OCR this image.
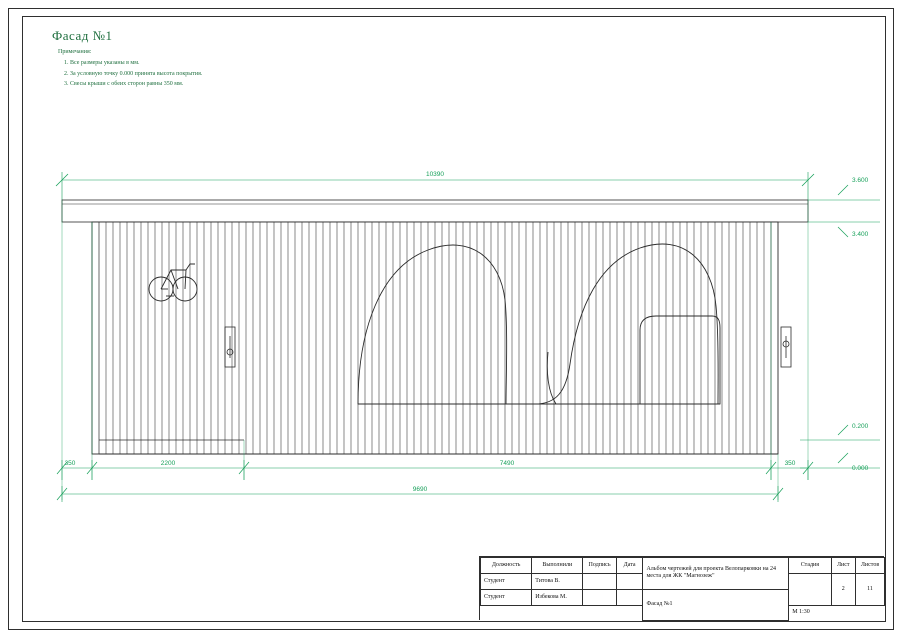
Фасад №1
Примечания:
1. Все размеры указаны в мм.
2. За условную точку 0.000 принята высота покрытия.
3. Свесы крыши с обеих сторон равны 350 мм.
10390
3.600
3.400
0.200
0.000
350	2200	7490	350
9690
Должность	Выполнили	Подпись	Дата	Альбом чертежей для проекта Велопарковки на 24 места для ЖК "Магнозеж"	Стадия	Лист	Листов
Студент	Титова В.					2	11
Студент	Избекова М.			Фасад №1			
					М 1:30		
